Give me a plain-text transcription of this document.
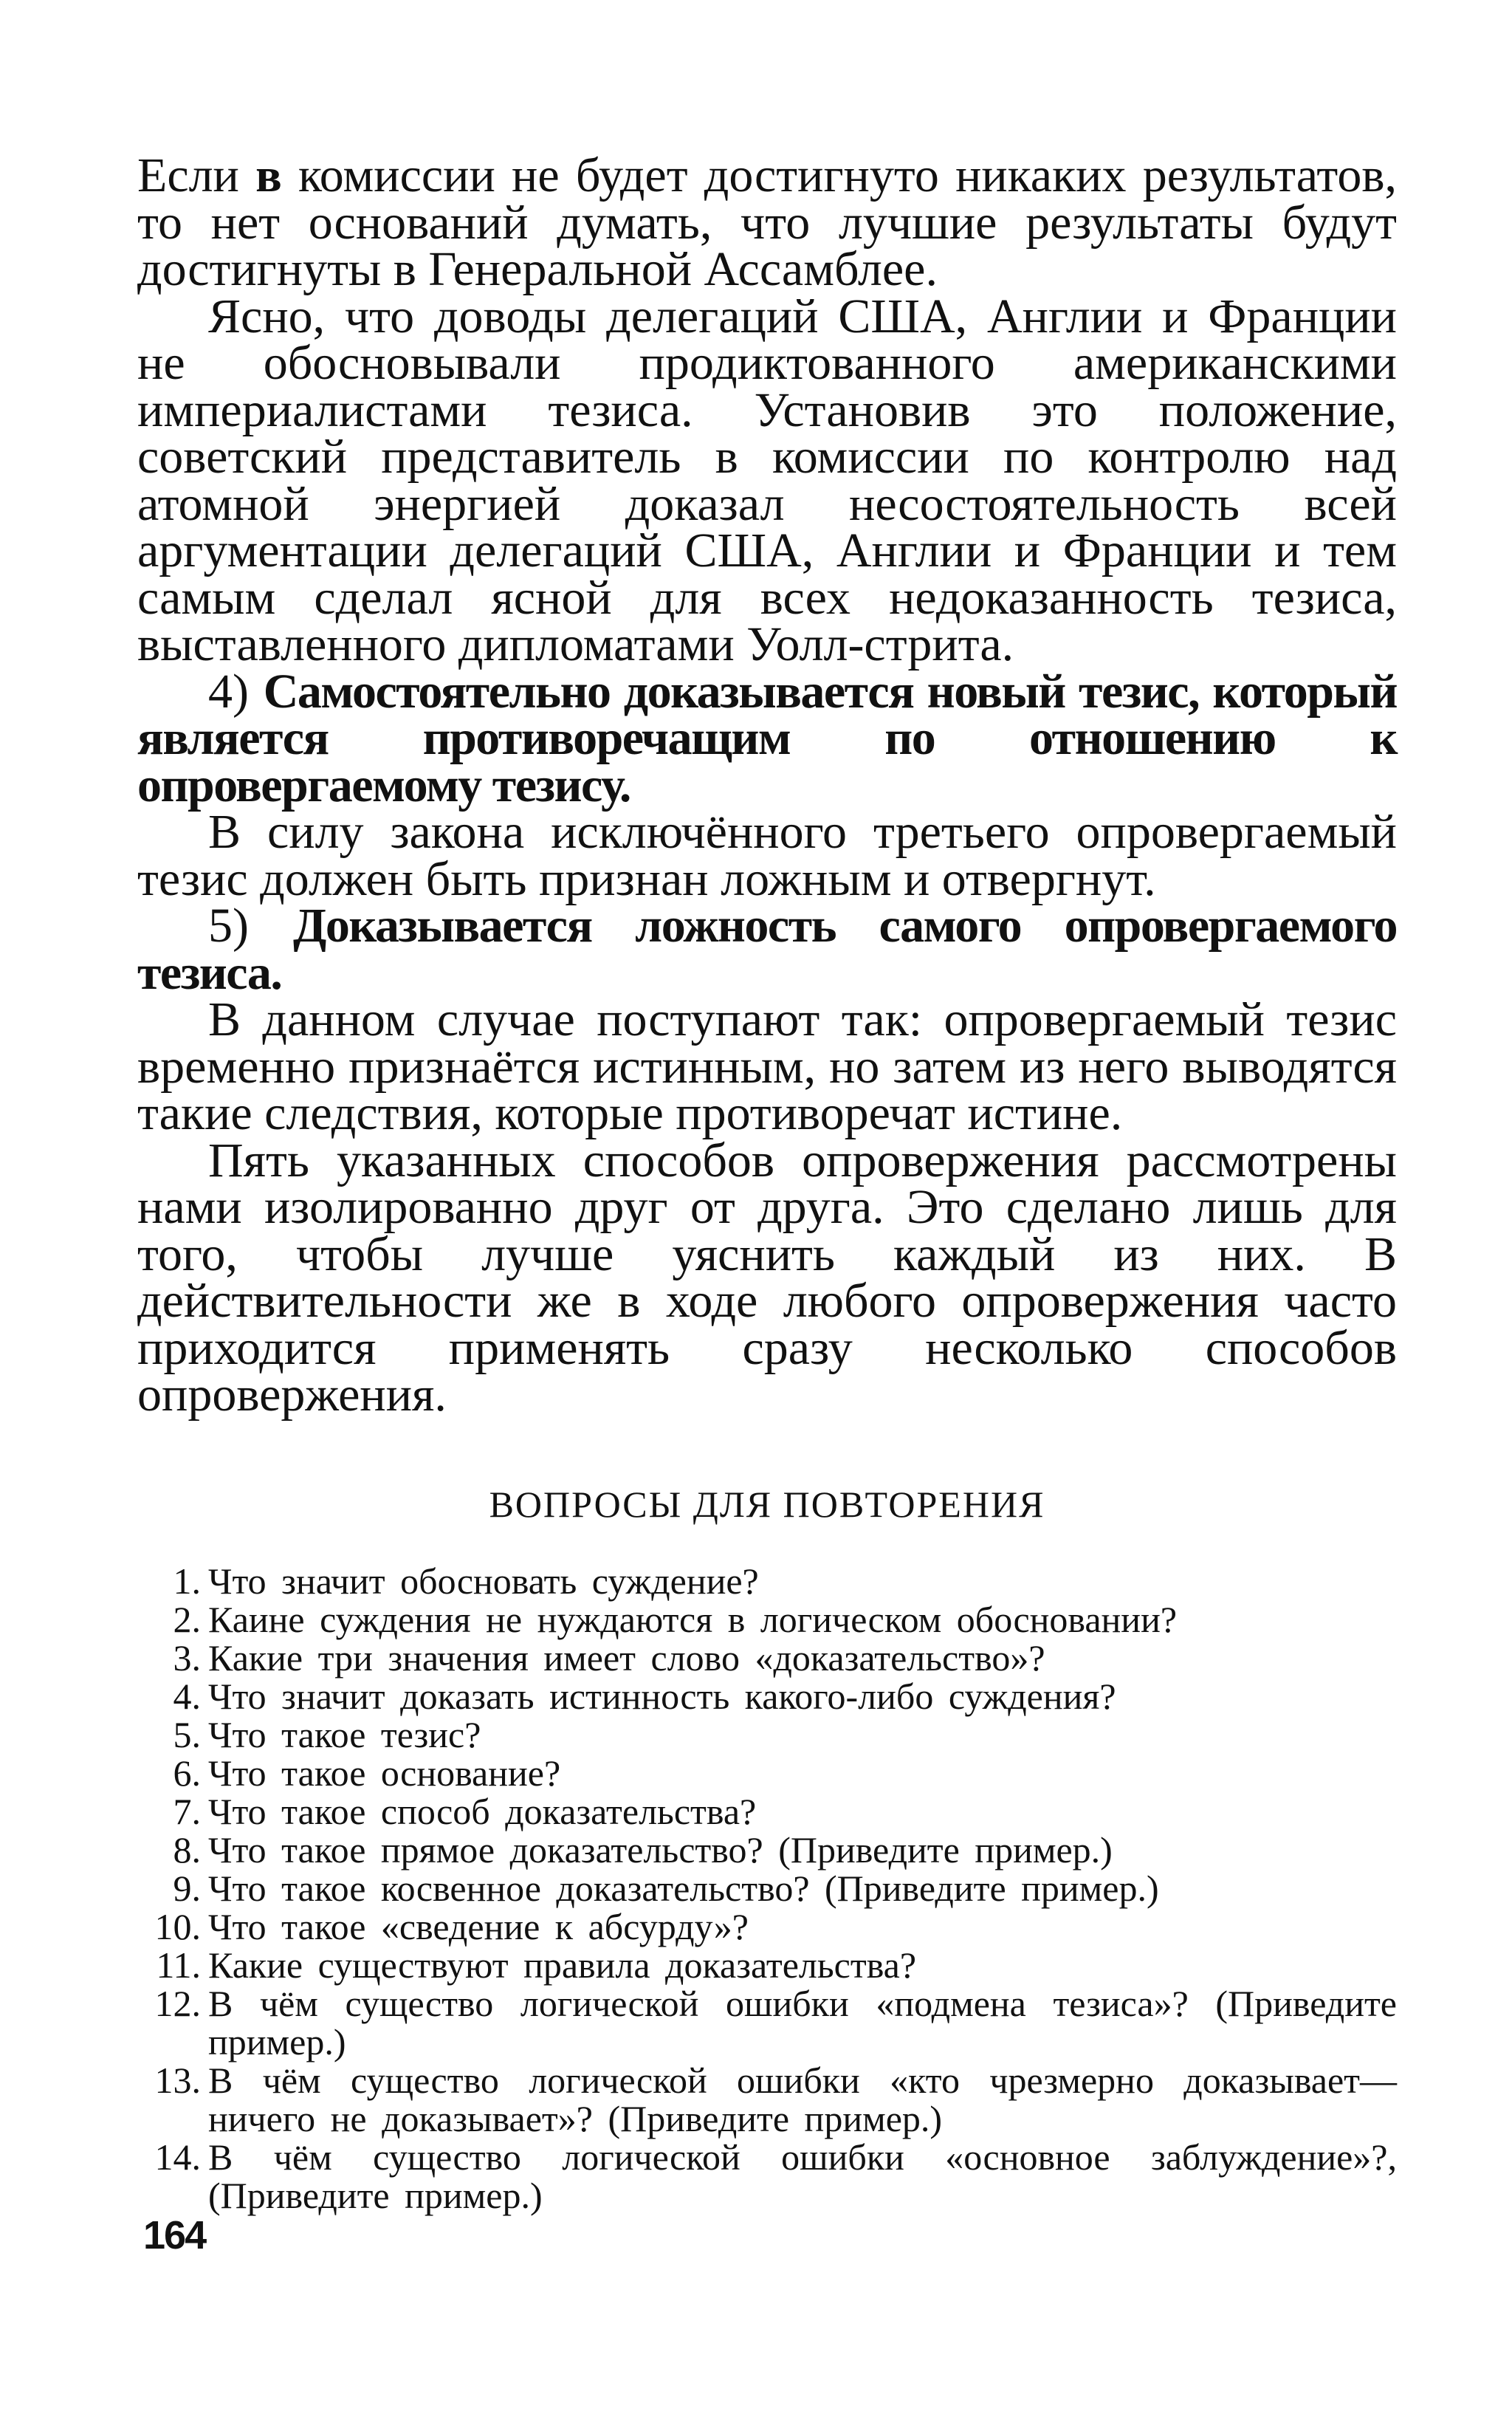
Если в комиссии не будет достигнуто никаких результатов, то нет оснований думать, что лучшие результаты будут достигнуты в Генеральной Ассамблее.

Ясно, что доводы делегаций США, Англии и Франции не обосновывали продиктованного американскими империалистами тезиса. Установив это положение, советский представитель в комиссии по контролю над атомной энергией доказал несостоятельность всей аргументации делегаций США, Англии и Франции и тем самым сделал ясной для всех недоказанность тезиса, выставленного дипломатами Уолл-стрита.

4) Самостоятельно доказывается новый тезис, который является противоречащим по отношению к опровергаемому тезису.

В силу закона исключённого третьего опровергаемый тезис должен быть признан ложным и отвергнут.

5) Доказывается ложность самого опровергаемого тезиса.

В данном случае поступают так: опровергаемый тезис временно признаётся истинным, но затем из него выводятся такие следствия, которые противоречат истине.

Пять указанных способов опровержения рассмотрены нами изолированно друг от друга. Это сделано лишь для того, чтобы лучше уяснить каждый из них. В действительности же в ходе любого опровержения часто приходится применять сразу несколько способов опровержения.

ВОПРОСЫ ДЛЯ ПОВТОРЕНИЯ
1. Что значит обосновать суждение?
2. Каине суждения не нуждаются в логическом обосновании?
3. Какие три значения имеет слово «доказательство»?
4. Что значит доказать истинность какого-либо суждения?
5. Что такое тезис?
6. Что такое основание?
7. Что такое способ доказательства?
8. Что такое прямое доказательство? (Приведите пример.)
9. Что такое косвенное доказательство? (Приведите пример.)
10. Что такое «сведение к абсурду»?
11. Какие существуют правила доказательства?
12. В чём существо логической ошибки «подмена тезиса»? (Приведите пример.)
13. В чём существо логической ошибки «кто чрезмерно доказывает— ничего не доказывает»? (Приведите пример.)
14. В чём существо логической ошибки «основное заблуждение»?, (Приведите пример.)
164
